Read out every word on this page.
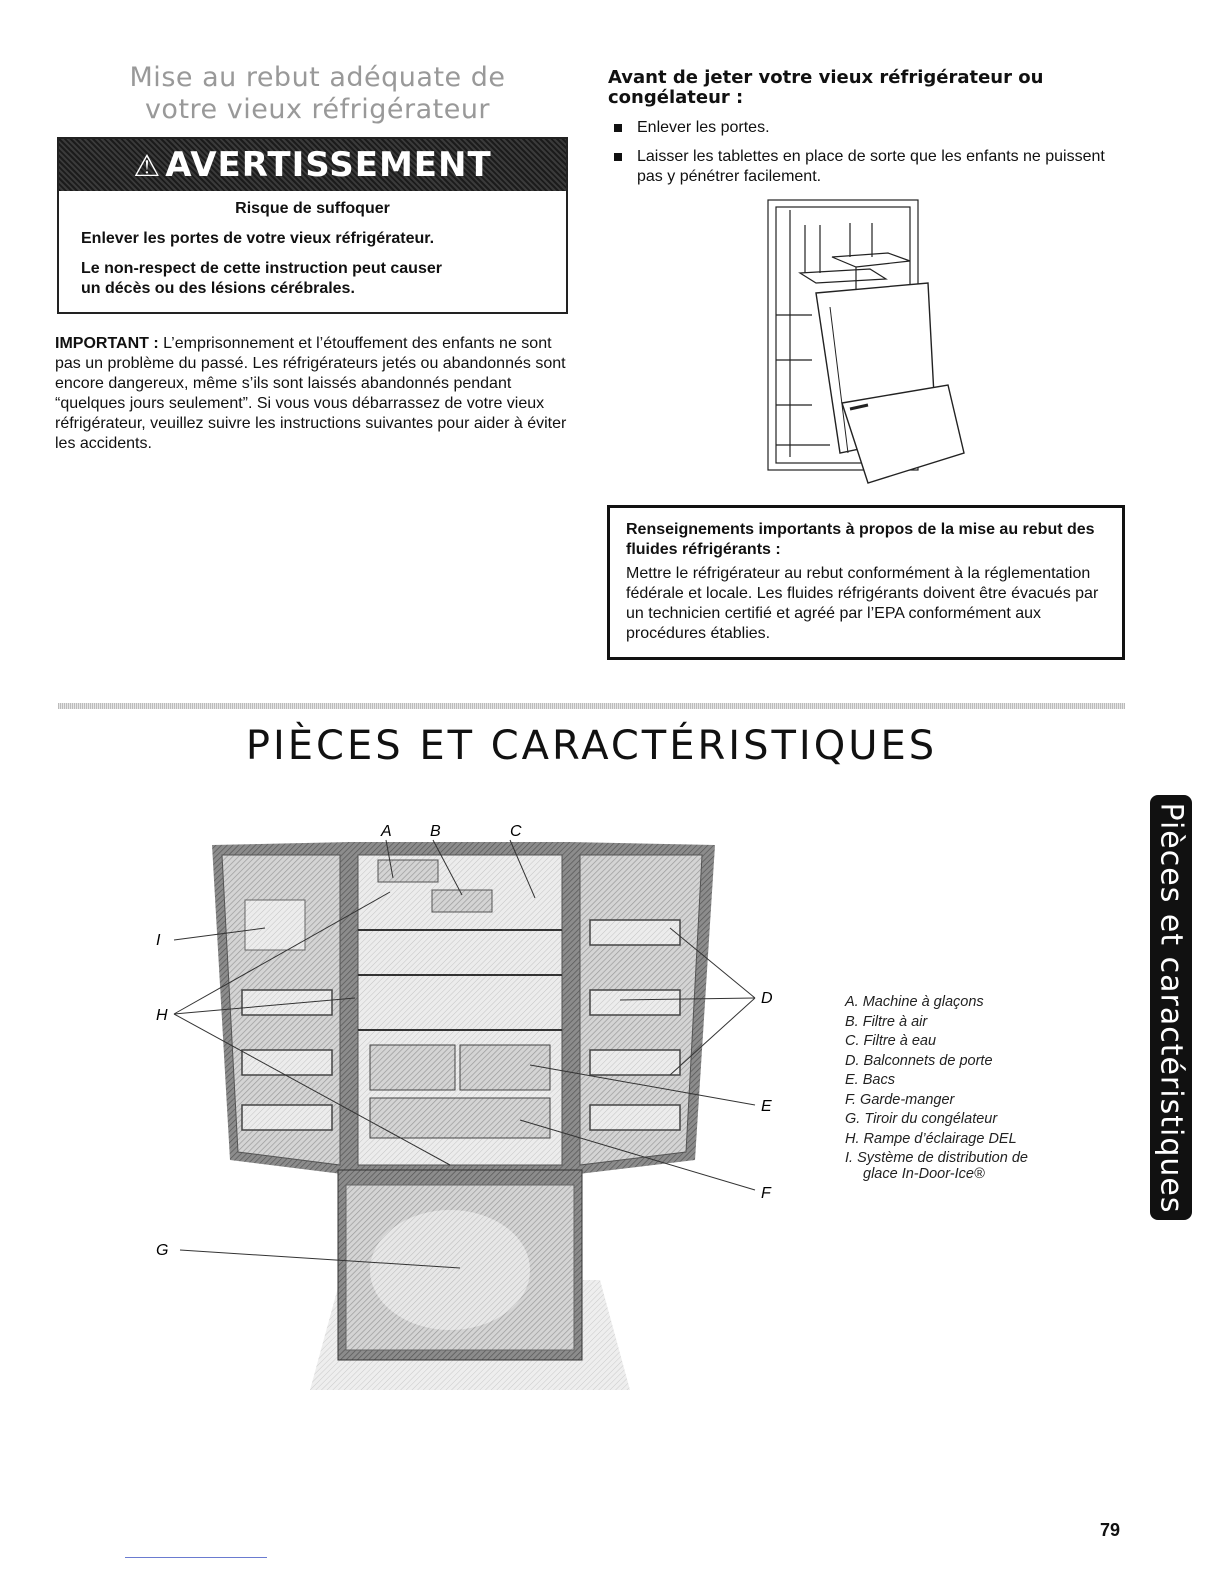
Mise au rebut adéquate de
votre vieux réfrigérateur
⚠ AVERTISSEMENT
Risque de suffoquer
Enlever les portes de votre vieux réfrigérateur.
Le non-respect de cette instruction peut causer
un décès ou des lésions cérébrales.
IMPORTANT : L’emprisonnement et l’étouffement des enfants ne sont pas un problème du passé. Les réfrigérateurs jetés ou abandonnés sont encore dangereux, même s’ils sont laissés abandonnés pendant “quelques jours seulement”. Si vous vous débarrassez de votre vieux réfrigérateur, veuillez suivre les instructions suivantes pour aider à éviter les accidents.
Avant de jeter votre vieux réfrigérateur ou congélateur :
Enlever les portes.
Laisser les tablettes en place de sorte que les enfants ne puissent pas y pénétrer facilement.
Renseignements importants à propos de la mise au rebut des fluides réfrigérants :
Mettre le réfrigérateur au rebut conformément à la réglementation fédérale et locale. Les fluides réfrigérants doivent être évacués par un technicien certifié et agréé par l’EPA conformément aux procédures établies.
PIÈCES ET CARACTÉRISTIQUES
A B	C
D
E
F
G
H
I
A. Machine à glaçons
B. Filtre à air
C. Filtre à eau
D. Balconnets de porte
E. Bacs
F. Garde-manger
G. Tiroir du congélateur
H. Rampe d’éclairage DEL
I. Système de distribution de glace In-Door-Ice®	Pièces et caractéristiques
79
